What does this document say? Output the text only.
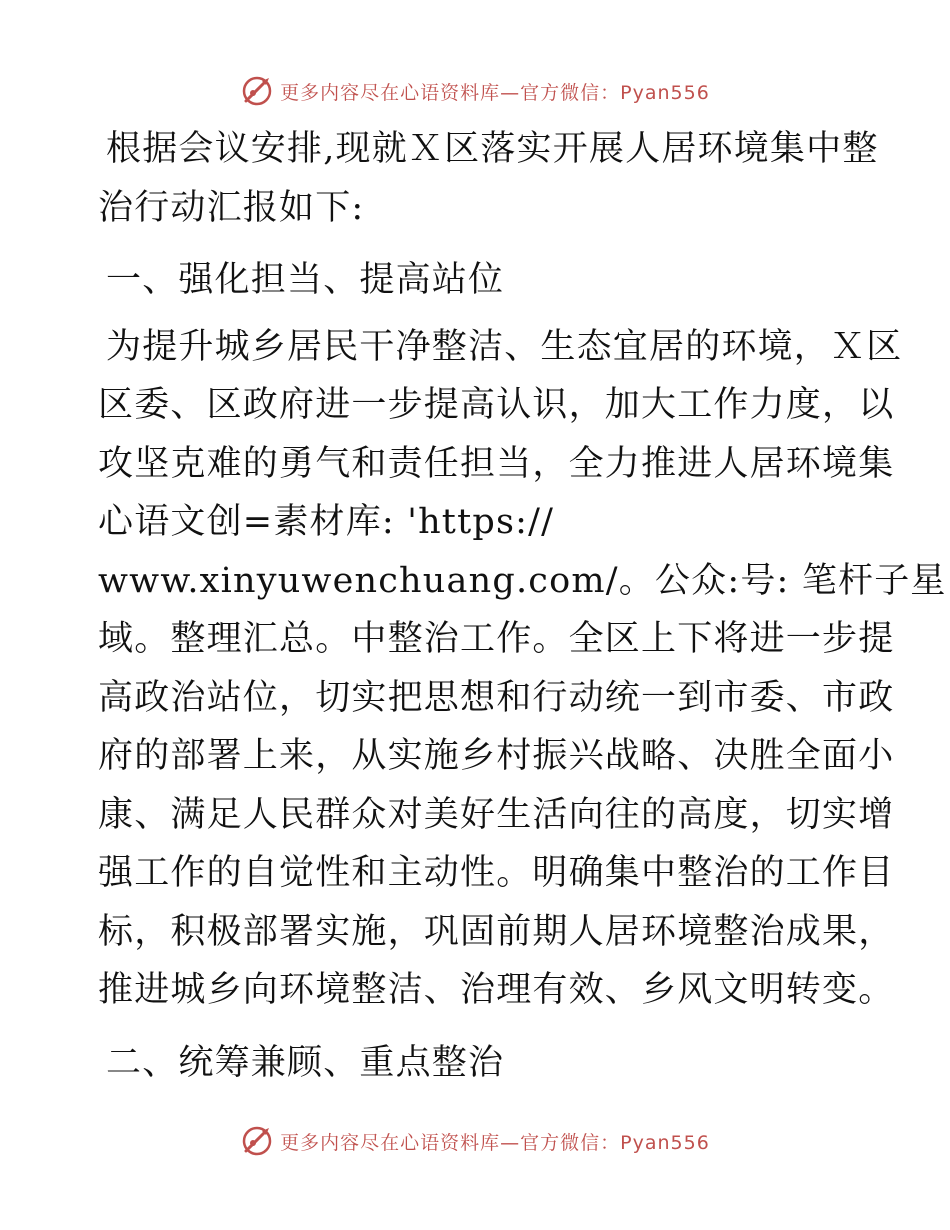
更多内容尽在心语资料库—官方微信：Pyan556
根据会议安排,现就Ｘ区落实开展人居环境集中整
治行动汇报如下:
一、强化担当、提高站位
为提升城乡居民干净整洁、生态宜居的环境，Ｘ区
区委、区政府进一步提高认识，加大工作力度，以
攻坚克难的勇气和责任担当，全力推进人居环境集
心语文创=素材库: 'https://
www.xinyuwenchuang.com/。公众:号: 笔杆子星
域。整理汇总。中整治工作。全区上下将进一步提
高政治站位，切实把思想和行动统一到市委、市政
府的部署上来，从实施乡村振兴战略、决胜全面小
康、满足人民群众对美好生活向往的高度，切实增
强工作的自觉性和主动性。明确集中整治的工作目
标，积极部署实施，巩固前期人居环境整治成果，
推进城乡向环境整洁、治理有效、乡风文明转变。
二、统筹兼顾、重点整治
更多内容尽在心语资料库—官方微信：Pyan556
